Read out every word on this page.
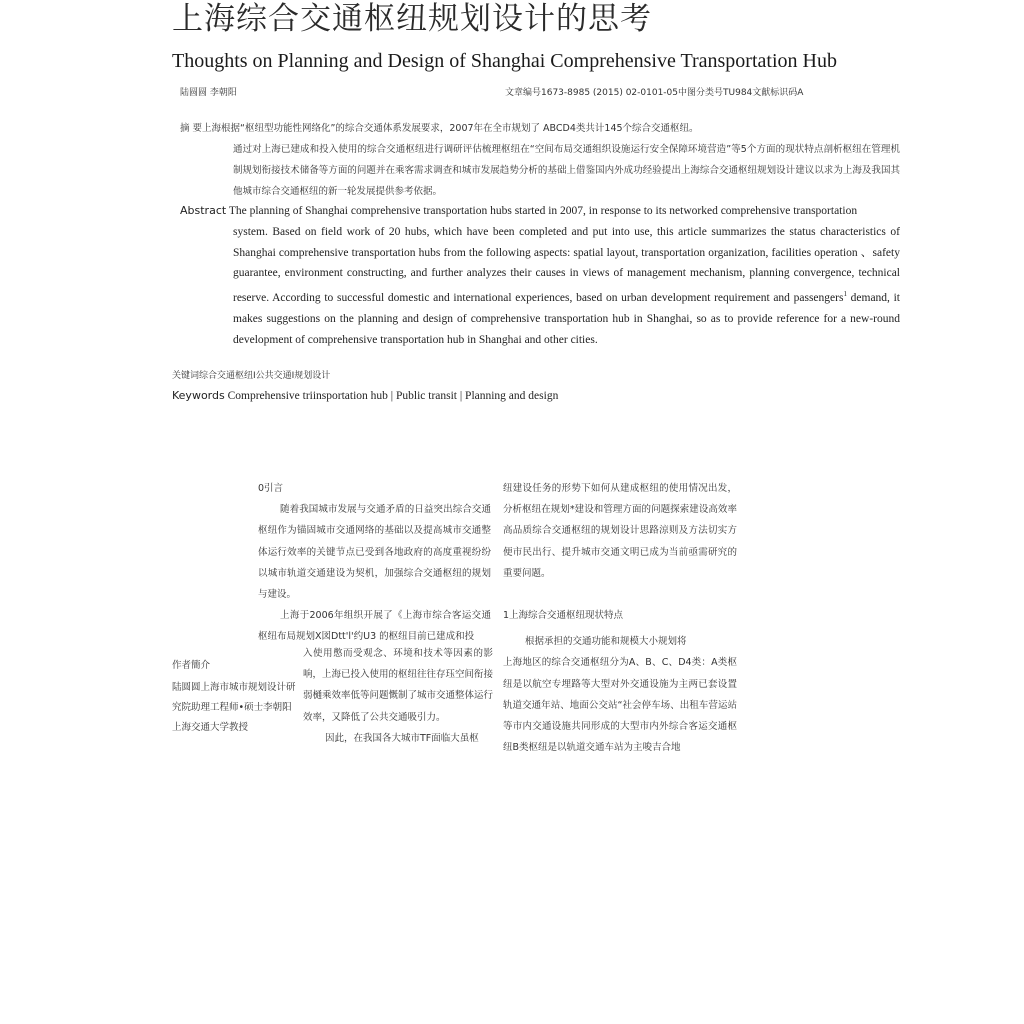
上海综合交通枢纽规划设计的思考
Thoughts on Planning and Design of Shanghai Comprehensive Transportation Hub
陆圆圆 李朝阳	文章编号1673-8985 (2015) 02-0101-05中图分类号TU984文献标识码A
摘 要上海根据“枢纽型功能性网络化”的综合交通体系发展要求，2007年在全市规划了 ABCD4类共计145个综合交通枢纽。
通过对上海已建成和投入使用的综合交通枢纽进行调研评估梳理枢纽在“空间布局交通组织设施运行安全保障环境营造”等5个方面的现状特点剖析枢纽在管理机制规划衔接技术储备等方面的问题并在乘客需求调查和城市发展趋势分析的基础上借鉴国内外成功经验提出上海综合交通枢纽规划设计建议以求为上海及我国其他城市综合交通枢纽的新一轮发展提供参考依据。
Abstract The planning of Shanghai comprehensive transportation hubs started in 2007, in response to its networked comprehensive transportation
system. Based on field work of 20 hubs, which have been completed and put into use, this article summarizes the status characteristics of Shanghai comprehensive transportation hubs from the following aspects: spatial layout, transportation organization, facilities operation 、safety guarantee, environment constructing, and further analyzes their causes in views of management mechanism, planning convergence, technical reserve. According to successful domestic and international experiences, based on urban development requirement and passengers$^1$ demand, it makes suggestions on the planning and design of comprehensive transportation hub in Shanghai, so as to provide reference for a new-round development of comprehensive transportation hub in Shanghai and other cities.
关键词综合交通枢纽I公共交通I规划设计
Keywords Comprehensive triinsportation hub | Public transit | Planning and design

0引言

随着我国城市发展与交通矛盾的日益突出综合交通枢纽作为锚固城市交通网络的基础以及提高城市交通整体运行效率的关键节点已受到各地政府的高度重视纷纷以城市轨道交通建设为契机，加强综合交通枢纽的规划与建设。

上海于2006年组织开展了《上海市综合客运交通枢纽布局规划X図Dtt'l'约U3 的枢纽目前已建成和投

入使用憋而受观念、环境和技术等因素的影响，上海已投入使用的枢纽往往存珏空间衔接弱樋乘效率低等问题慨制了城市交通整体运行效率，又降低了公共交通吸引力。

因此，在我国各大城市TF面临大虽枢

纽建设任务的形势下如何从建成枢纽的使用情况出发，分析枢纽在规划*建设和管理方面的问题探索建设高效率高品质综合交通枢纽的规划设计思路涼则及方法切实方便市民出行、提升城市交通文明已成为当前亟需研究的重要问题。

1上海综合交通枢纽现状特点

根据承担的交通功能和规模大小规划将

上海地区的综合交通枢纽分为A、B、C、D4类：A类枢纽是以航空专埋路等大型对外交通设施为主两已套设置轨道交通年站、地面公交站“社会停车场、出租车营运站等市内交通设施共同形成的大型市内外综合客运交通枢纽B类枢纽是以轨道交通车站为主唆吉合地

作者簡介
陆圆圆上海市城市规划设计研究院助理工程师•硕士李朝阳上海交通大学教授
